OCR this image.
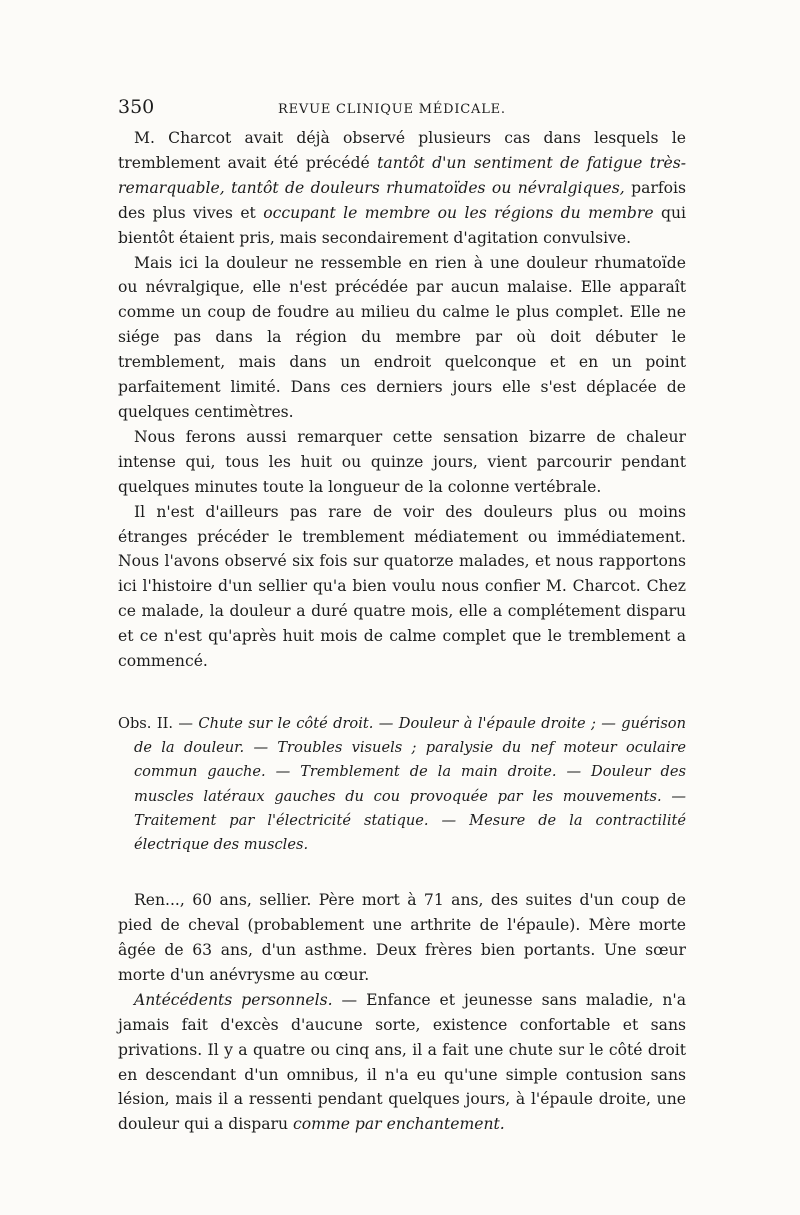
350	REVUE CLINIQUE MÉDICALE.

M. Charcot avait déjà observé plusieurs cas dans lesquels le tremblement avait été précédé tantôt d'un sentiment de fatigue très-remarquable, tantôt de douleurs rhumatoïdes ou névralgiques, parfois des plus vives et occupant le membre ou les régions du membre qui bientôt étaient pris, mais secondairement d'agitation convulsive.

Mais ici la douleur ne ressemble en rien à une douleur rhumatoïde ou névralgique, elle n'est précédée par aucun malaise. Elle apparaît comme un coup de foudre au milieu du calme le plus complet. Elle ne siége pas dans la région du membre par où doit débuter le tremblement, mais dans un endroit quelconque et en un point parfaitement limité. Dans ces derniers jours elle s'est déplacée de quelques centimètres.

Nous ferons aussi remarquer cette sensation bizarre de chaleur intense qui, tous les huit ou quinze jours, vient parcourir pendant quelques minutes toute la longueur de la colonne vertébrale.

Il n'est d'ailleurs pas rare de voir des douleurs plus ou moins étranges précéder le tremblement médiatement ou immédiatement. Nous l'avons observé six fois sur quatorze malades, et nous rapportons ici l'histoire d'un sellier qu'a bien voulu nous confier M. Charcot. Chez ce malade, la douleur a duré quatre mois, elle a complétement disparu et ce n'est qu'après huit mois de calme complet que le tremblement a commencé.

Obs. II. — Chute sur le côté droit. — Douleur à l'épaule droite ; — guérison de la douleur. — Troubles visuels ; paralysie du nef moteur oculaire commun gauche. — Tremblement de la main droite. — Douleur des muscles latéraux gauches du cou provoquée par les mouvements. — Traitement par l'électricité statique. — Mesure de la contractilité électrique des muscles.

Ren..., 60 ans, sellier. Père mort à 71 ans, des suites d'un coup de pied de cheval (probablement une arthrite de l'épaule). Mère morte âgée de 63 ans, d'un asthme. Deux frères bien portants. Une sœur morte d'un anévrysme au cœur.

Antécédents personnels. — Enfance et jeunesse sans maladie, n'a jamais fait d'excès d'aucune sorte, existence confortable et sans privations. Il y a quatre ou cinq ans, il a fait une chute sur le côté droit en descendant d'un omnibus, il n'a eu qu'une simple contusion sans lésion, mais il a ressenti pendant quelques jours, à l'épaule droite, une douleur qui a disparu comme par enchantement.
